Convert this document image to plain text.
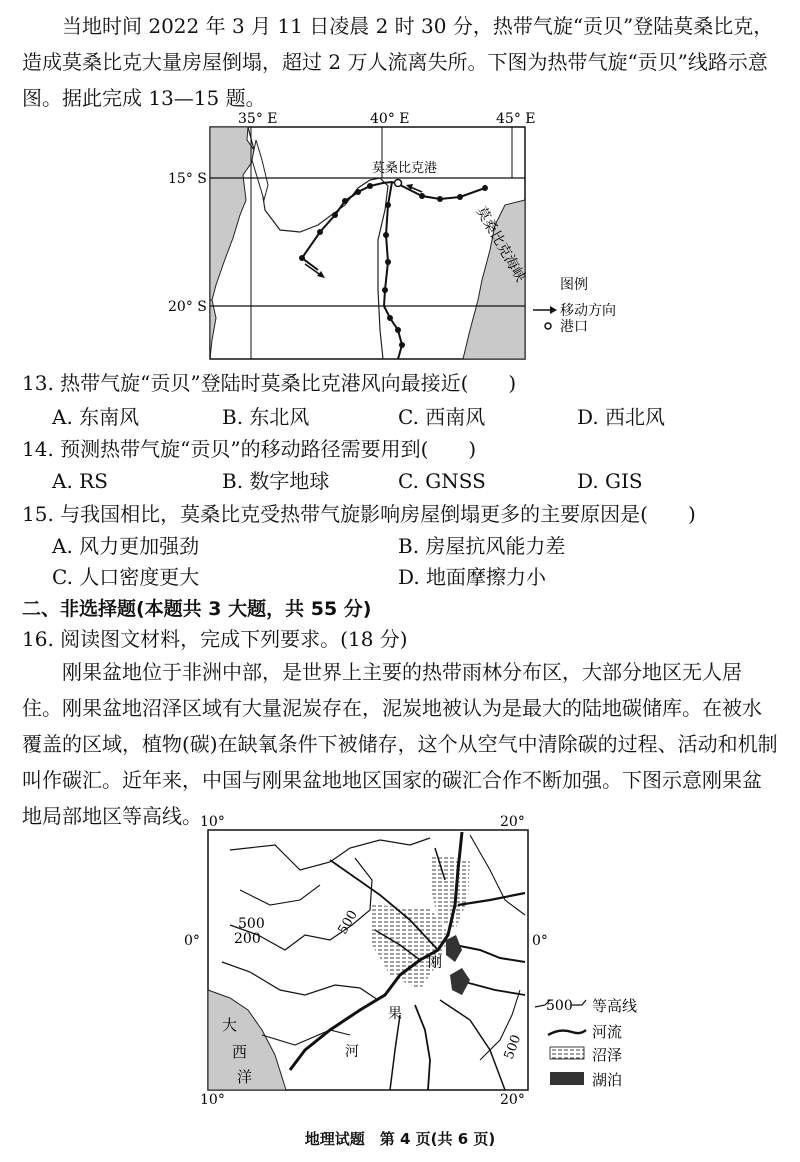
当地时间 2022 年 3 月 11 日凌晨 2 时 30 分，热带气旋“贡贝”登陆莫桑比克，造成莫桑比克大量房屋倒塌，超过 2 万人流离失所。下图为热带气旋“贡贝”线路示意图。据此完成 13—15 题。

35° E	40° E	45° E
15° S
20° S
莫桑比克港
莫桑比克海峡
图例
移动方向
港口
13. 热带气旋“贡贝”登陆时莫桑比克港风向最接近(　　)
A. 东南风	B. 东北风	C. 西南风	D. 西北风
14. 预测热带气旋“贡贝”的移动路径需要用到(　　)
A. RS	B. 数字地球	C. GNSS	D. GIS
15. 与我国相比，莫桑比克受热带气旋影响房屋倒塌更多的主要原因是(　　)
A. 风力更加强劲	B. 房屋抗风能力差
C. 人口密度更大	D. 地面摩擦力小
二、非选择题(本题共 3 大题，共 55 分)
16. 阅读图文材料，完成下列要求。(18 分)

刚果盆地位于非洲中部，是世界上主要的热带雨林分布区，大部分地区无人居住。刚果盆地沼泽区域有大量泥炭存在，泥炭地被认为是最大的陆地碳储库。在被水覆盖的区域，植物(碳)在缺氧条件下被储存，这个从空气中清除碳的过程、活动和机制叫作碳汇。近年来，中国与刚果盆地地区国家的碳汇合作不断加强。下图示意刚果盆地局部地区等高线。

10°	20°
10°	20°
0°	0°
500
200
500
500
大
西
洋
刚
果
河
500 等高线
河流
沼泽
湖泊
地理试题　第 4 页(共 6 页)
